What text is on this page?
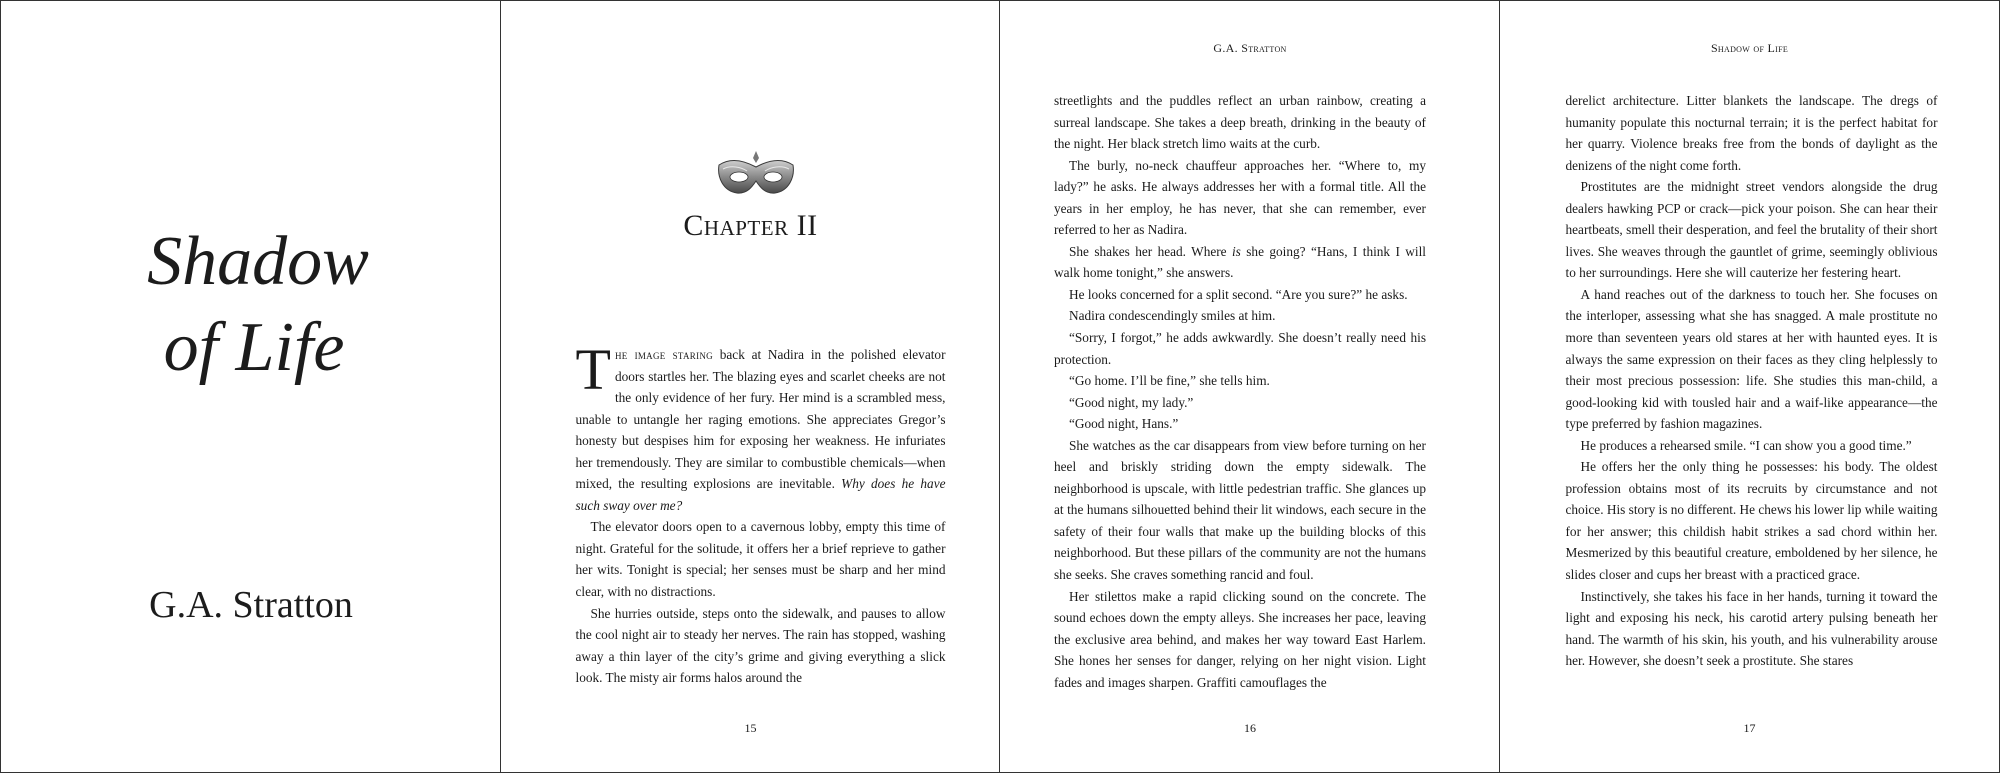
Shadow
of Life
G.A. Stratton
Chapter II

The image staring back at Nadira in the polished elevator doors startles her. The blazing eyes and scarlet cheeks are not the only evidence of her fury. Her mind is a scrambled mess, unable to untangle her raging emotions. She appreciates Gregor’s honesty but despises him for exposing her weakness. He infuriates her tremendously. They are similar to combustible chemicals—when mixed, the resulting explosions are inevitable. Why does he have such sway over me?

The elevator doors open to a cavernous lobby, empty this time of night. Grateful for the solitude, it offers her a brief reprieve to gather her wits. Tonight is special; her senses must be sharp and her mind clear, with no distractions.

She hurries outside, steps onto the sidewalk, and pauses to allow the cool night air to steady her nerves. The rain has stopped, washing away a thin layer of the city’s grime and giving everything a slick look. The misty air forms halos around the

15
G.A. Stratton

streetlights and the puddles reflect an urban rainbow, creating a surreal landscape. She takes a deep breath, drinking in the beauty of the night. Her black stretch limo waits at the curb.

The burly, no-neck chauffeur approaches her. “Where to, my lady?” he asks. He always addresses her with a formal title. All the years in her employ, he has never, that she can remember, ever referred to her as Nadira.

She shakes her head. Where is she going? “Hans, I think I will walk home tonight,” she answers.

He looks concerned for a split second. “Are you sure?” he asks.

Nadira condescendingly smiles at him.

“Sorry, I forgot,” he adds awkwardly. She doesn’t really need his protection.

“Go home. I’ll be fine,” she tells him.

“Good night, my lady.”

“Good night, Hans.”

She watches as the car disappears from view before turning on her heel and briskly striding down the empty sidewalk. The neighborhood is upscale, with little pedestrian traffic. She glances up at the humans silhouetted behind their lit windows, each secure in the safety of their four walls that make up the building blocks of this neighborhood. But these pillars of the community are not the humans she seeks. She craves something rancid and foul.

Her stilettos make a rapid clicking sound on the concrete. The sound echoes down the empty alleys. She increases her pace, leaving the exclusive area behind, and makes her way toward East Harlem. She hones her senses for danger, relying on her night vision. Light fades and images sharpen. Graffiti camouflages the

16
Shadow of Life

derelict architecture. Litter blankets the landscape. The dregs of humanity populate this nocturnal terrain; it is the perfect habitat for her quarry. Violence breaks free from the bonds of daylight as the denizens of the night come forth.

Prostitutes are the midnight street vendors alongside the drug dealers hawking PCP or crack—pick your poison. She can hear their heartbeats, smell their desperation, and feel the brutality of their short lives. She weaves through the gauntlet of grime, seemingly oblivious to her surroundings. Here she will cauterize her festering heart.

A hand reaches out of the darkness to touch her. She focuses on the interloper, assessing what she has snagged. A male prostitute no more than seventeen years old stares at her with haunted eyes. It is always the same expression on their faces as they cling helplessly to their most precious possession: life. She studies this man-child, a good-looking kid with tousled hair and a waif-like appearance—the type preferred by fashion magazines.

He produces a rehearsed smile. “I can show you a good time.”

He offers her the only thing he possesses: his body. The oldest profession obtains most of its recruits by circumstance and not choice. His story is no different. He chews his lower lip while waiting for her answer; this childish habit strikes a sad chord within her. Mesmerized by this beautiful creature, emboldened by her silence, he slides closer and cups her breast with a practiced grace.

Instinctively, she takes his face in her hands, turning it toward the light and exposing his neck, his carotid artery pulsing beneath her hand. The warmth of his skin, his youth, and his vulnerability arouse her. However, she doesn’t seek a prostitute. She stares

17
